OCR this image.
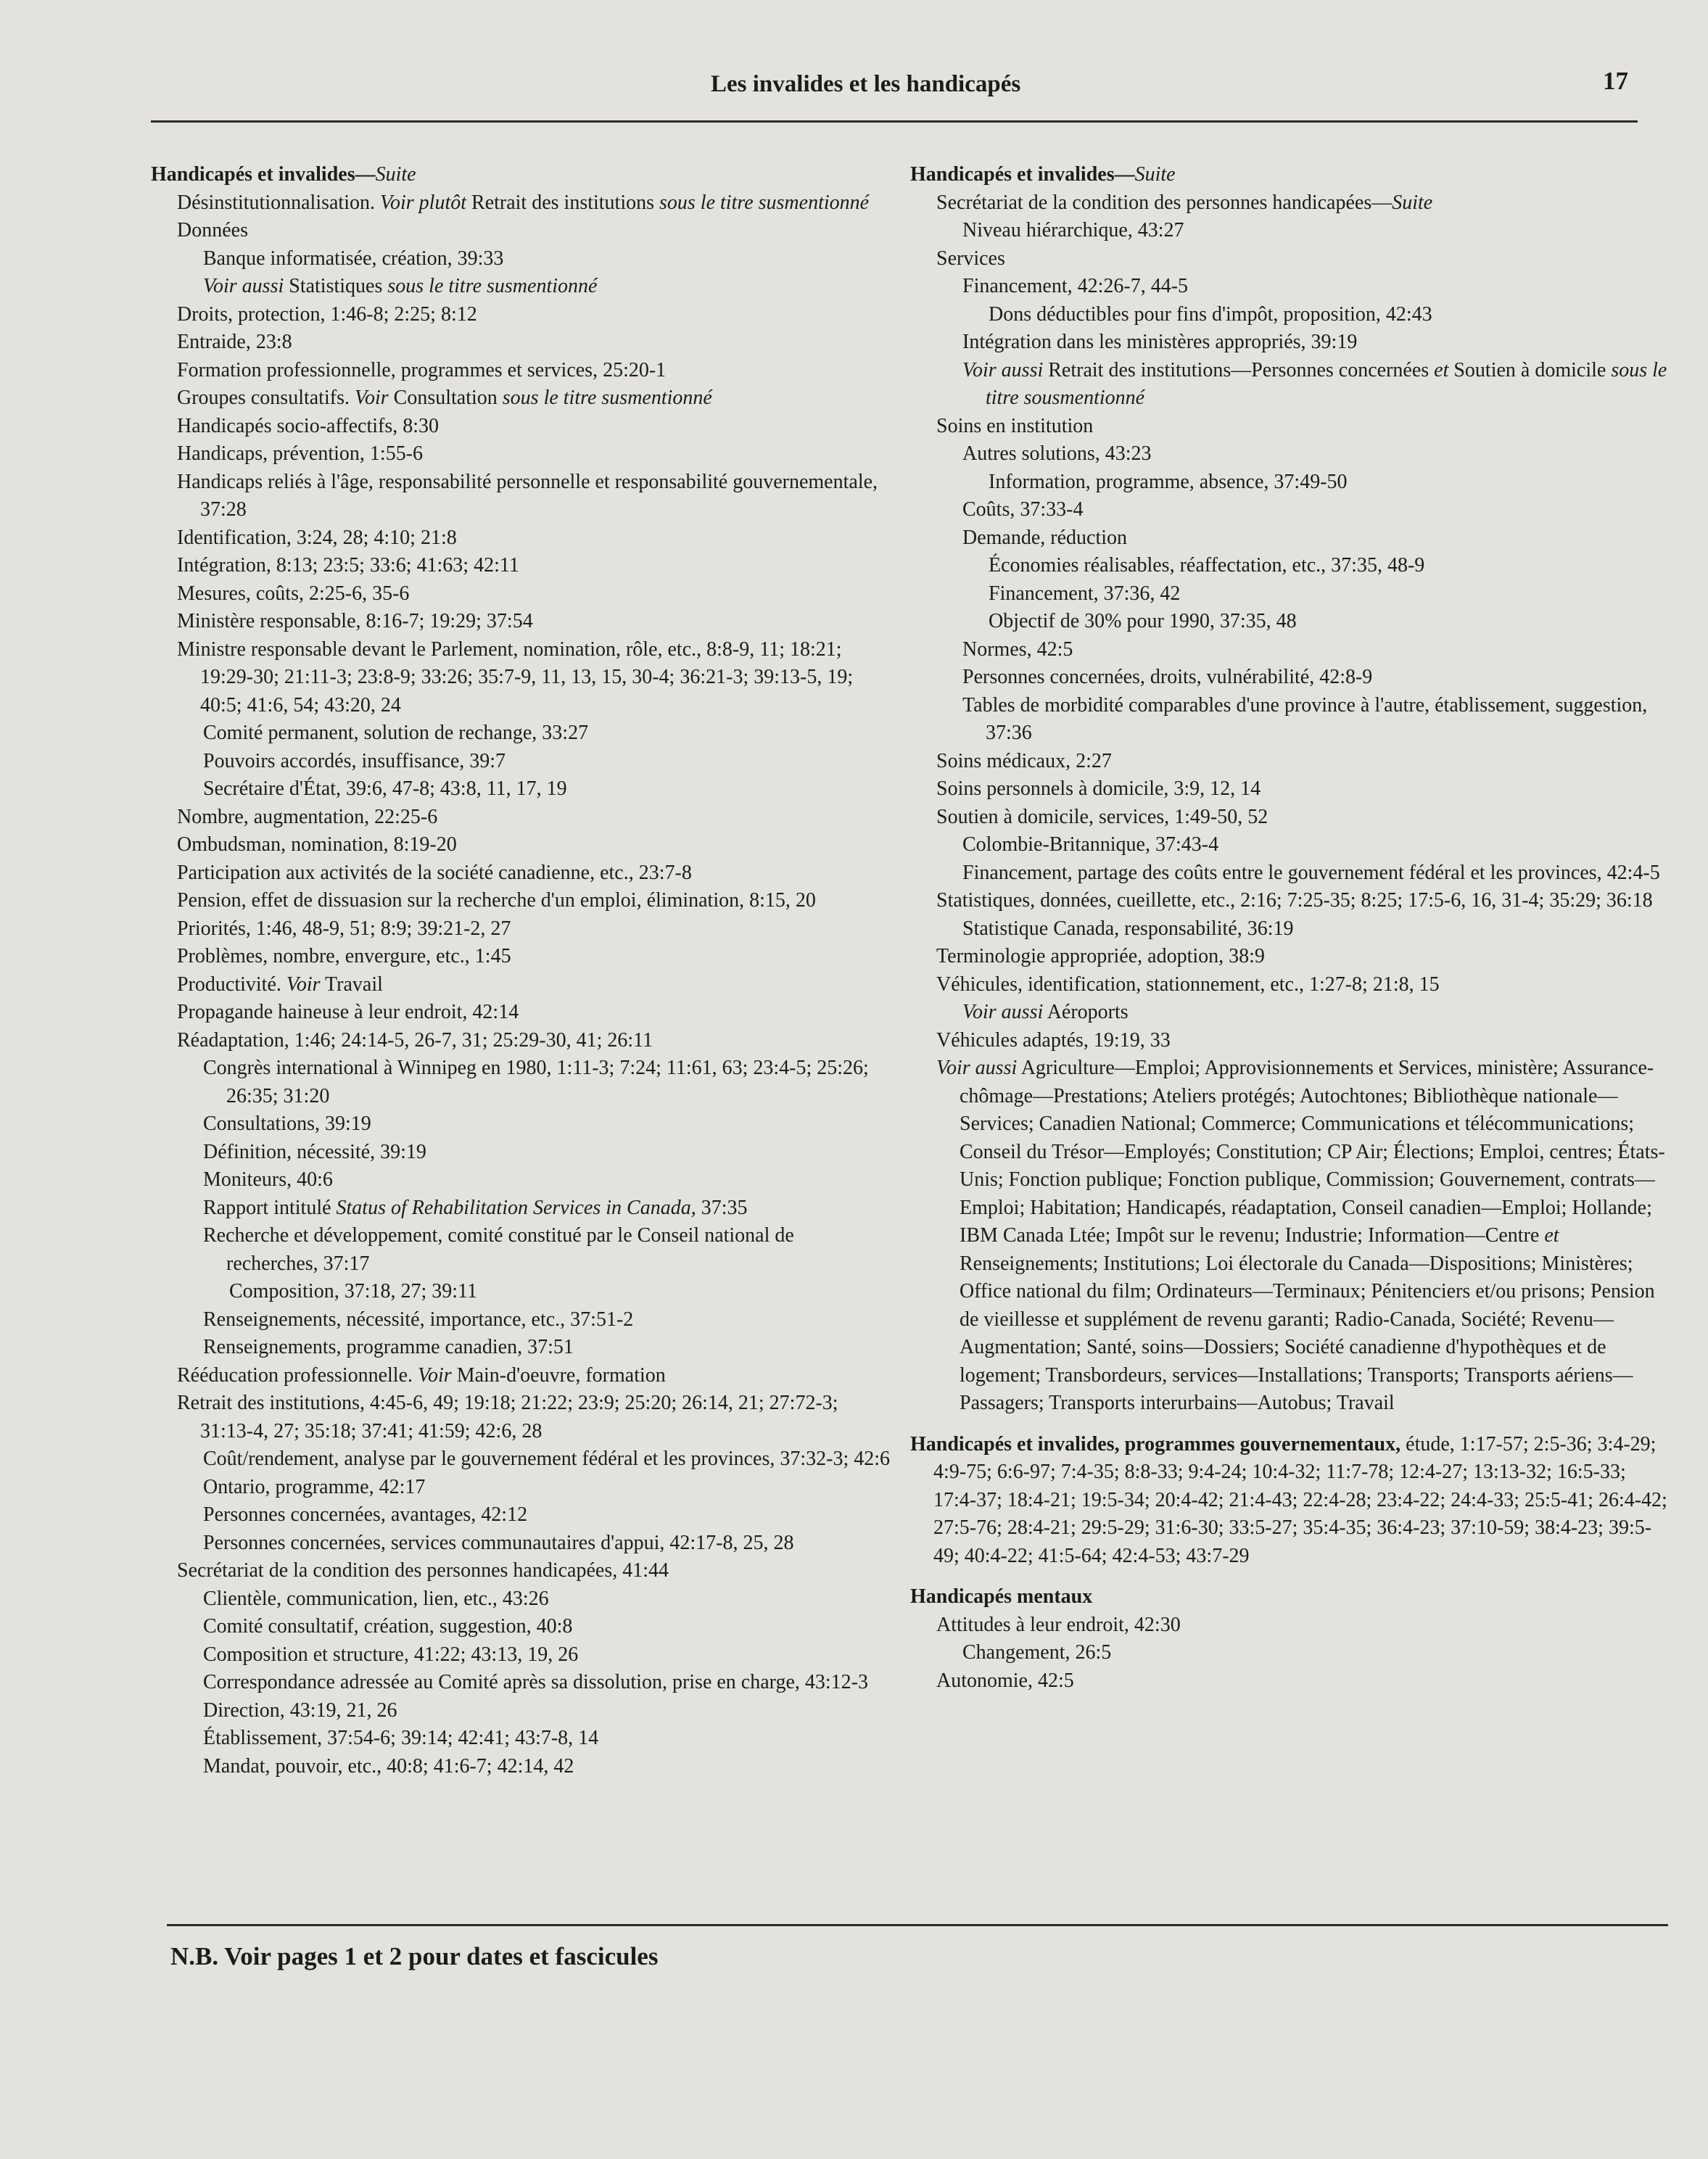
Les invalides et les handicapés	17

Handicapés et invalides—Suite

Désinstitutionnalisation. Voir plutôt Retrait des institutions sous le titre susmentionné

Données

Banque informatisée, création, 39:33

Voir aussi Statistiques sous le titre susmentionné

Droits, protection, 1:46-8; 2:25; 8:12

Entraide, 23:8

Formation professionnelle, programmes et services, 25:20-1

Groupes consultatifs. Voir Consultation sous le titre susmentionné

Handicapés socio-affectifs, 8:30

Handicaps, prévention, 1:55-6

Handicaps reliés à l'âge, responsabilité personnelle et responsabilité gouvernementale, 37:28

Identification, 3:24, 28; 4:10; 21:8

Intégration, 8:13; 23:5; 33:6; 41:63; 42:11

Mesures, coûts, 2:25-6, 35-6

Ministère responsable, 8:16-7; 19:29; 37:54

Ministre responsable devant le Parlement, nomination, rôle, etc., 8:8-9, 11; 18:21; 19:29-30; 21:11-3; 23:8-9; 33:26; 35:7-9, 11, 13, 15, 30-4; 36:21-3; 39:13-5, 19; 40:5; 41:6, 54; 43:20, 24

Comité permanent, solution de rechange, 33:27

Pouvoirs accordés, insuffisance, 39:7

Secrétaire d'État, 39:6, 47-8; 43:8, 11, 17, 19

Nombre, augmentation, 22:25-6

Ombudsman, nomination, 8:19-20

Participation aux activités de la société canadienne, etc., 23:7-8

Pension, effet de dissuasion sur la recherche d'un emploi, élimination, 8:15, 20

Priorités, 1:46, 48-9, 51; 8:9; 39:21-2, 27

Problèmes, nombre, envergure, etc., 1:45

Productivité. Voir Travail

Propagande haineuse à leur endroit, 42:14

Réadaptation, 1:46; 24:14-5, 26-7, 31; 25:29-30, 41; 26:11

Congrès international à Winnipeg en 1980, 1:11-3; 7:24; 11:61, 63; 23:4-5; 25:26; 26:35; 31:20

Consultations, 39:19

Définition, nécessité, 39:19

Moniteurs, 40:6

Rapport intitulé Status of Rehabilitation Services in Canada, 37:35

Recherche et développement, comité constitué par le Conseil national de recherches, 37:17

Composition, 37:18, 27; 39:11

Renseignements, nécessité, importance, etc., 37:51-2

Renseignements, programme canadien, 37:51

Rééducation professionnelle. Voir Main-d'oeuvre, formation

Retrait des institutions, 4:45-6, 49; 19:18; 21:22; 23:9; 25:20; 26:14, 21; 27:72-3; 31:13-4, 27; 35:18; 37:41; 41:59; 42:6, 28

Coût/rendement, analyse par le gouvernement fédéral et les provinces, 37:32-3; 42:6

Ontario, programme, 42:17

Personnes concernées, avantages, 42:12

Personnes concernées, services communautaires d'appui, 42:17-8, 25, 28

Secrétariat de la condition des personnes handicapées, 41:44

Clientèle, communication, lien, etc., 43:26

Comité consultatif, création, suggestion, 40:8

Composition et structure, 41:22; 43:13, 19, 26

Correspondance adressée au Comité après sa dissolution, prise en charge, 43:12-3

Direction, 43:19, 21, 26

Établissement, 37:54-6; 39:14; 42:41; 43:7-8, 14

Mandat, pouvoir, etc., 40:8; 41:6-7; 42:14, 42

Handicapés et invalides—Suite

Secrétariat de la condition des personnes handicapées—Suite

Niveau hiérarchique, 43:27

Services

Financement, 42:26-7, 44-5

Dons déductibles pour fins d'impôt, proposition, 42:43

Intégration dans les ministères appropriés, 39:19

Voir aussi Retrait des institutions—Personnes concernées et Soutien à domicile sous le titre sousmentionné

Soins en institution

Autres solutions, 43:23

Information, programme, absence, 37:49-50

Coûts, 37:33-4

Demande, réduction

Économies réalisables, réaffectation, etc., 37:35, 48-9

Financement, 37:36, 42

Objectif de 30% pour 1990, 37:35, 48

Normes, 42:5

Personnes concernées, droits, vulnérabilité, 42:8-9

Tables de morbidité comparables d'une province à l'autre, établissement, suggestion, 37:36

Soins médicaux, 2:27

Soins personnels à domicile, 3:9, 12, 14

Soutien à domicile, services, 1:49-50, 52

Colombie-Britannique, 37:43-4

Financement, partage des coûts entre le gouvernement fédéral et les provinces, 42:4-5

Statistiques, données, cueillette, etc., 2:16; 7:25-35; 8:25; 17:5-6, 16, 31-4; 35:29; 36:18

Statistique Canada, responsabilité, 36:19

Terminologie appropriée, adoption, 38:9

Véhicules, identification, stationnement, etc., 1:27-8; 21:8, 15

Voir aussi Aéroports

Véhicules adaptés, 19:19, 33

Voir aussi Agriculture—Emploi; Approvisionnements et Services, ministère; Assurance- chômage—Prestations; Ateliers protégés; Autochtones; Bibliothèque nationale—Services; Canadien National; Commerce; Communications et télécommunications; Conseil du Trésor—Employés; Constitution; CP Air; Élections; Emploi, centres; États-Unis; Fonction publique; Fonction publique, Commission; Gouvernement, contrats—Emploi; Habitation; Handicapés, réadaptation, Conseil canadien—Emploi; Hollande; IBM Canada Ltée; Impôt sur le revenu; Industrie; Information—Centre et Renseignements; Institutions; Loi électorale du Canada—Dispositions; Ministères; Office national du film; Ordinateurs—Terminaux; Pénitenciers et/ou prisons; Pension de vieillesse et supplément de revenu garanti; Radio-Canada, Société; Revenu—Augmentation; Santé, soins—Dossiers; Société canadienne d'hypothèques et de logement; Transbordeurs, services—Installations; Transports; Transports aériens—Passagers; Transports interurbains—Autobus; Travail

Handicapés et invalides, programmes gouvernementaux, étude, 1:17-57; 2:5-36; 3:4-29; 4:9-75; 6:6-97; 7:4-35; 8:8-33; 9:4-24; 10:4-32; 11:7-78; 12:4-27; 13:13-32; 16:5-33; 17:4-37; 18:4-21; 19:5-34; 20:4-42; 21:4-43; 22:4-28; 23:4-22; 24:4-33; 25:5-41; 26:4-42; 27:5-76; 28:4-21; 29:5-29; 31:6-30; 33:5-27; 35:4-35; 36:4-23; 37:10-59; 38:4-23; 39:5-49; 40:4-22; 41:5-64; 42:4-53; 43:7-29

Handicapés mentaux

Attitudes à leur endroit, 42:30

Changement, 26:5

Autonomie, 42:5

N.B. Voir pages 1 et 2 pour dates et fascicules
